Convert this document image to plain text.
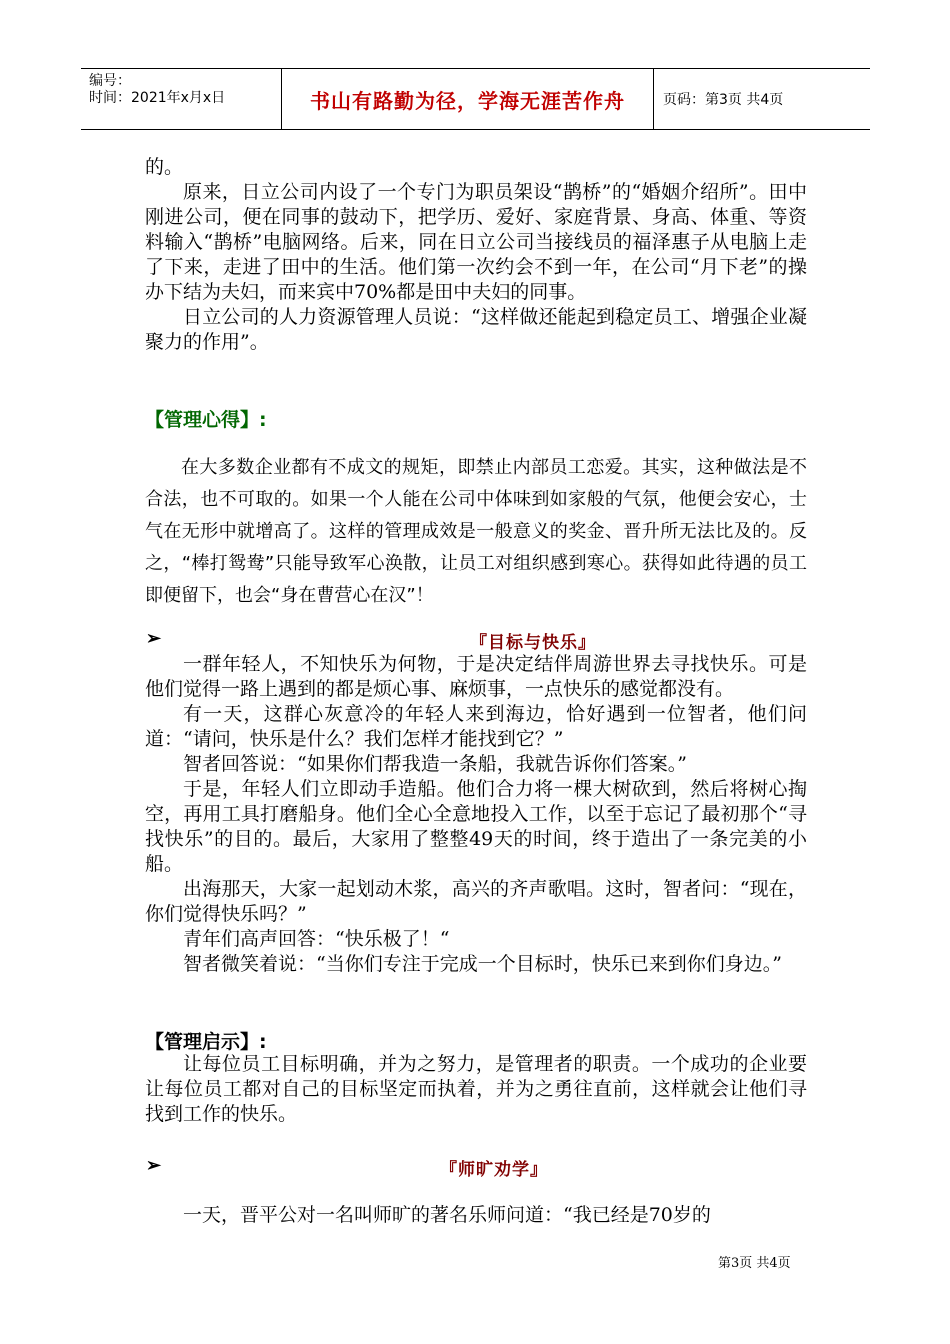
编号：
时间：2021年x月x日	书山有路勤为径，学海无涯苦作舟	页码：第3页 共4页

的。

原来，日立公司内设了一个专门为职员架设“鹊桥”的“婚姻介绍所”。田中刚进公司，便在同事的鼓动下，把学历、爱好、家庭背景、身高、体重、等资料输入“鹊桥”电脑网络。后来，同在日立公司当接线员的福泽惠子从电脑上走了下来，走进了田中的生活。他们第一次约会不到一年，在公司“月下老”的操办下结为夫妇，而来宾中70%都是田中夫妇的同事。

日立公司的人力资源管理人员说：“这样做还能起到稳定员工、增强企业凝聚力的作用”。

【管理心得】:

在大多数企业都有不成文的规矩，即禁止内部员工恋爱。其实，这种做法是不合法，也不可取的。如果一个人能在公司中体味到如家般的气氛，他便会安心，士气在无形中就增高了。这样的管理成效是一般意义的奖金、晋升所无法比及的。反之，“棒打鸳鸯”只能导致军心涣散，让员工对组织感到寒心。获得如此待遇的员工即便留下，也会“身在曹营心在汉”！

➢	『目标与快乐』

一群年轻人，不知快乐为何物，于是决定结伴周游世界去寻找快乐。可是他们觉得一路上遇到的都是烦心事、麻烦事，一点快乐的感觉都没有。

有一天，这群心灰意冷的年轻人来到海边，恰好遇到一位智者，他们问道：“请问，快乐是什么？我们怎样才能找到它？”

智者回答说：“如果你们帮我造一条船，我就告诉你们答案。”

于是，年轻人们立即动手造船。他们合力将一棵大树砍到，然后将树心掏空，再用工具打磨船身。他们全心全意地投入工作，以至于忘记了最初那个“寻找快乐”的目的。最后，大家用了整整49天的时间，终于造出了一条完美的小船。

出海那天，大家一起划动木浆，高兴的齐声歌唱。这时，智者问：“现在，你们觉得快乐吗？”

青年们高声回答：“快乐极了！“

智者微笑着说：“当你们专注于完成一个目标时，快乐已来到你们身边。”

【管理启示】:

让每位员工目标明确，并为之努力，是管理者的职责。一个成功的企业要让每位员工都对自己的目标坚定而执着，并为之勇往直前，这样就会让他们寻找到工作的快乐。

➢	『师旷劝学』

一天，晋平公对一名叫师旷的著名乐师问道：“我已经是70岁的

第3页 共4页
